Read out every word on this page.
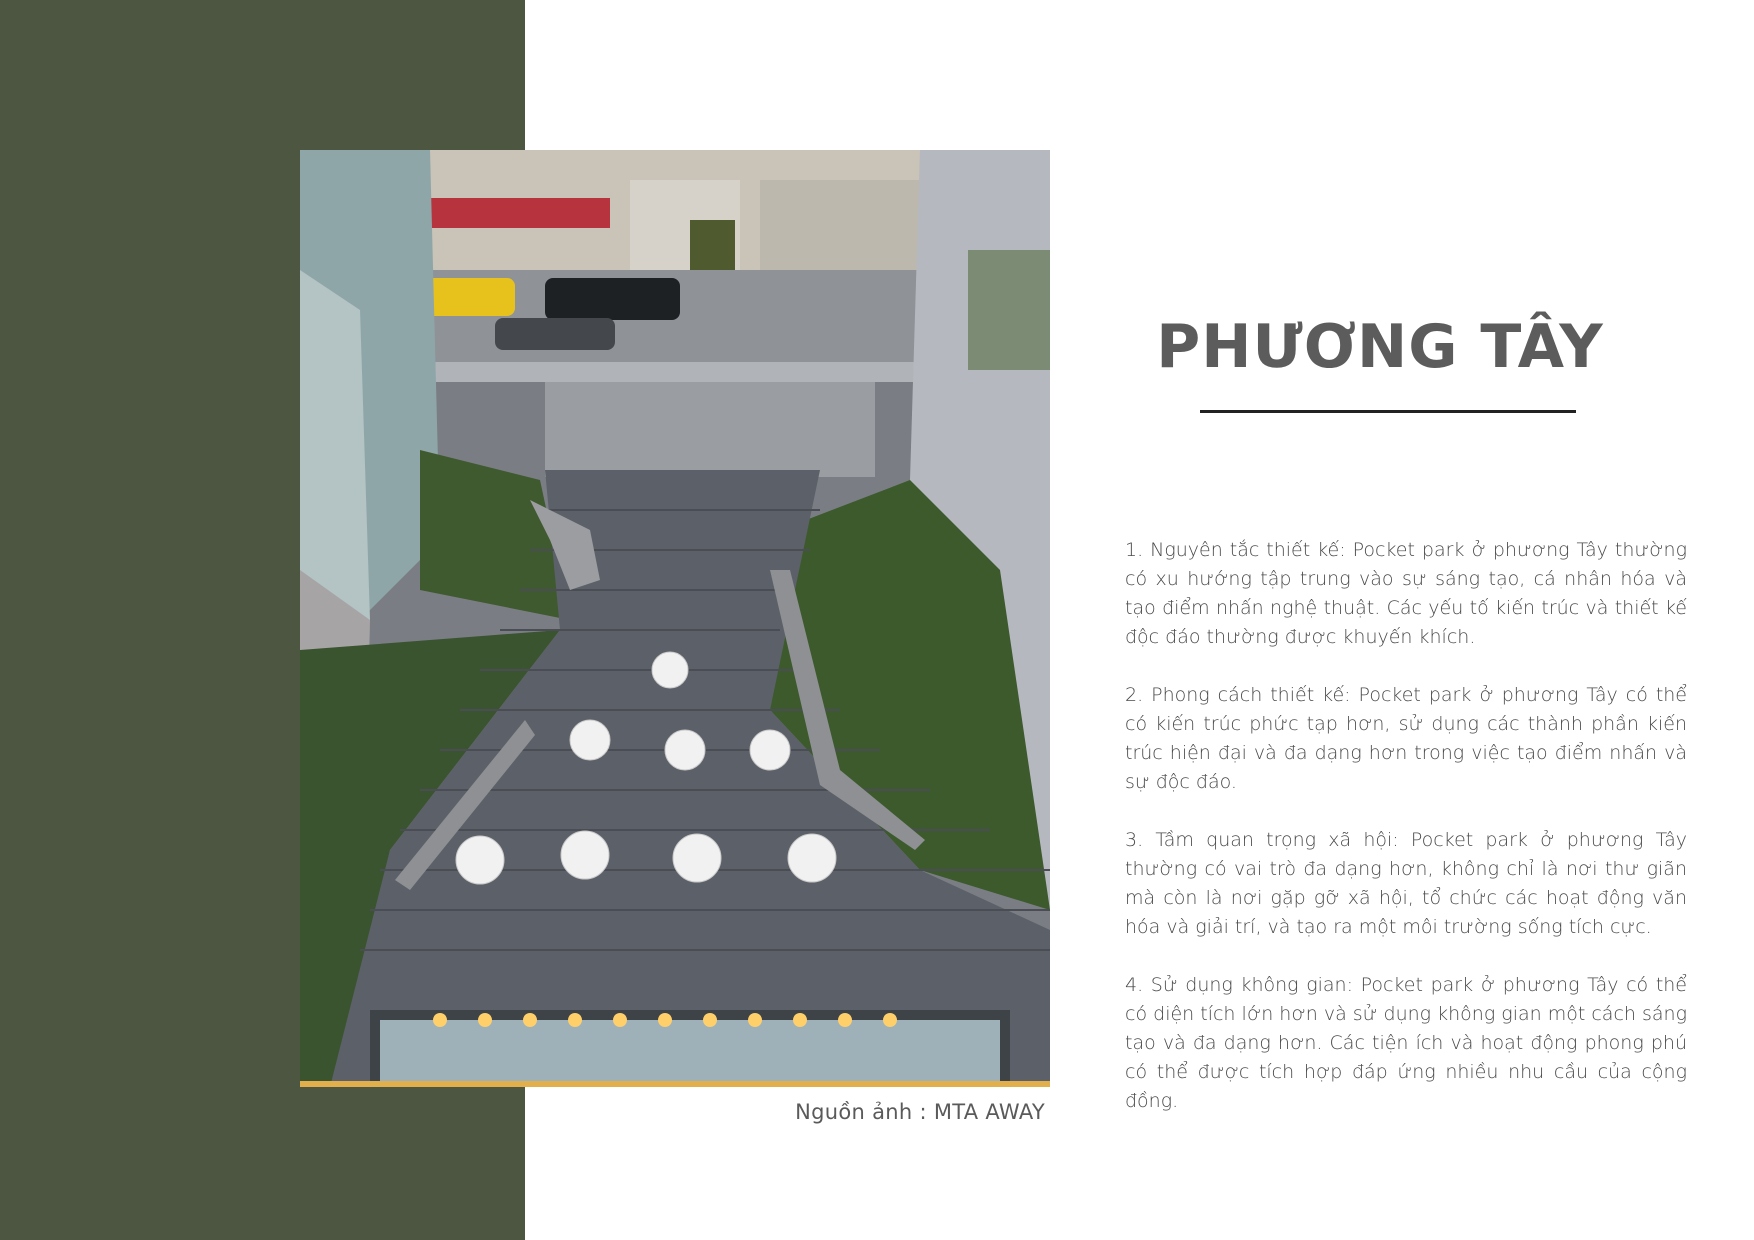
Nguồn ảnh : MTA AWAY
PHƯƠNG TÂY

1. Nguyên tắc thiết kế: Pocket park ở phương Tây thường có xu hướng tập trung vào sự sáng tạo, cá nhân hóa và tạo điểm nhấn nghệ thuật. Các yếu tố kiến trúc và thiết kế độc đáo thường được khuyến khích.

2. Phong cách thiết kế: Pocket park ở phương Tây có thể có kiến trúc phức tạp hơn, sử dụng các thành phần kiến trúc hiện đại và đa dạng hơn trong việc tạo điểm nhấn và sự độc đáo.

3. Tầm quan trọng xã hội: Pocket park ở phương Tây thường có vai trò đa dạng hơn, không chỉ là nơi thư giãn mà còn là nơi gặp gỡ xã hội, tổ chức các hoạt động văn hóa và giải trí, và tạo ra một môi trường sống tích cực.

4. Sử dụng không gian: Pocket park ở phương Tây có thể có diện tích lớn hơn và sử dụng không gian một cách sáng tạo và đa dạng hơn. Các tiện ích và hoạt động phong phú có thể được tích hợp đáp ứng nhiều nhu cầu của cộng đồng.
